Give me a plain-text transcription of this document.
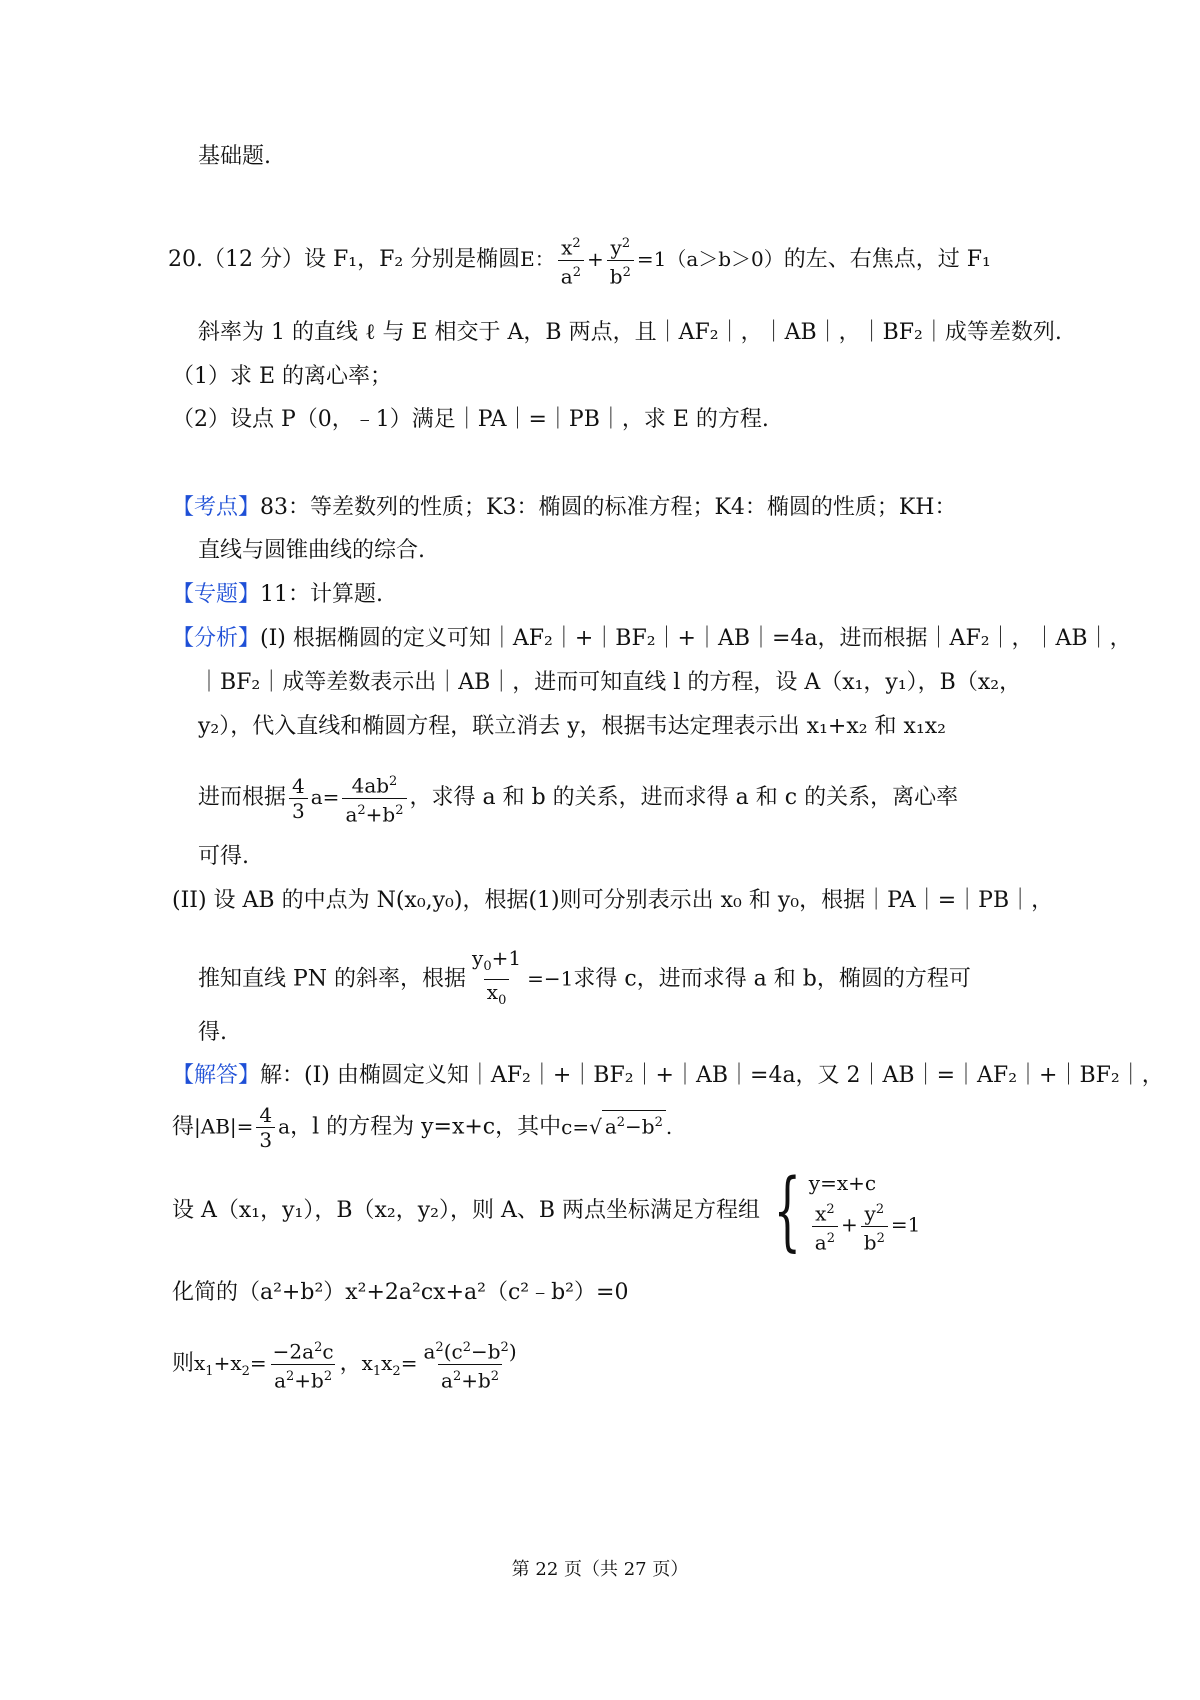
基础题.
20.（12 分）设 F₁，F₂ 分别是椭圆E： $\frac{x^2}{a^2} + \frac{y^2}{b^2} =1(a>b>0)$的左、右焦点，过 F₁
斜率为 1 的直线 ℓ 与 E 相交于 A，B 两点，且｜AF₂｜，｜AB｜，｜BF₂｜成等差数列.
（1）求 E 的离心率；
（2）设点 P（0，﹣1）满足｜PA｜=｜PB｜，求 E 的方程.
【考点】83：等差数列的性质；K3：椭圆的标准方程；K4：椭圆的性质；KH：
直线与圆锥曲线的综合.
【专题】11：计算题.
【分析】(I) 根据椭圆的定义可知｜AF₂｜+｜BF₂｜+｜AB｜=4a，进而根据｜AF₂｜，｜AB｜，
｜BF₂｜成等差数表示出｜AB｜，进而可知直线 l 的方程，设 A（x₁，y₁），B（x₂，
y₂），代入直线和椭圆方程，联立消去 y，根据韦达定理表示出 x₁+x₂ 和 x₁x₂
进而根据 $\frac{4}{3} a= \frac{4ab^2}{a^2+b^2}$ ，求得 a 和 b 的关系，进而求得 a 和 c 的关系，离心率
可得.
(II) 设 AB 的中点为 N(x₀,y₀)，根据(1)则可分别表示出 x₀ 和 y₀，根据｜PA｜=｜PB｜，
推知直线 PN 的斜率，根据 $\frac{y_0+1}{x_0} =-1$求得 c，进而求得 a 和 b，椭圆的方程可
得.
【解答】解：(I) 由椭圆定义知｜AF₂｜+｜BF₂｜+｜AB｜=4a，又 2｜AB｜=｜AF₂｜+｜BF₂｜，
得$|AB|= \frac{4}{3}$ a，l 的方程为 y=x+c，其中c=√ $a^2-b^2$ .
设 A（x₁，y₁），B（x₂，y₂），则 A、B 两点坐标满足方程组 { y=x+c
$\frac{x^2}{a^2} + \frac{y^2}{b^2} =1$
化简的（a²+b²）x²+2a²cx+a²（c²﹣b²）=0
则$x_1+x_2= \frac{-2a^2c}{a^2+b^2}$ ，$x_1x_2= \frac{a^2(c^2-b^2)}{a^2+b^2}$
第 22 页（共 27 页）
